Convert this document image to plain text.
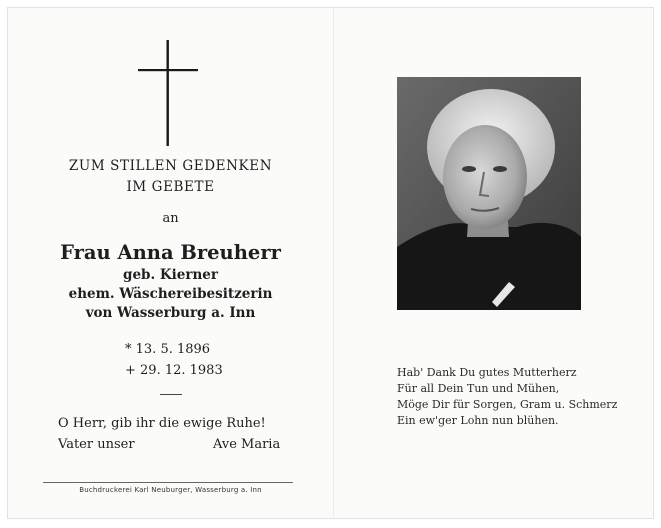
ZUM STILLEN GEDENKEN
IM GEBETE
an
Frau Anna Breuherr
geb. Kierner
ehem. Wäschereibesitzerin
von Wasserburg a. Inn
* 13. 5. 1896
+ 29. 12. 1983
O Herr, gib ihr die ewige Ruhe!
Vater unser	Ave Maria
Buchdruckerei Karl Neuburger, Wasserburg a. Inn
Hab' Dank Du gutes Mutterherz
Für all Dein Tun und Mühen,
Möge Dir für Sorgen, Gram u. Schmerz
Ein ew'ger Lohn nun blühen.
